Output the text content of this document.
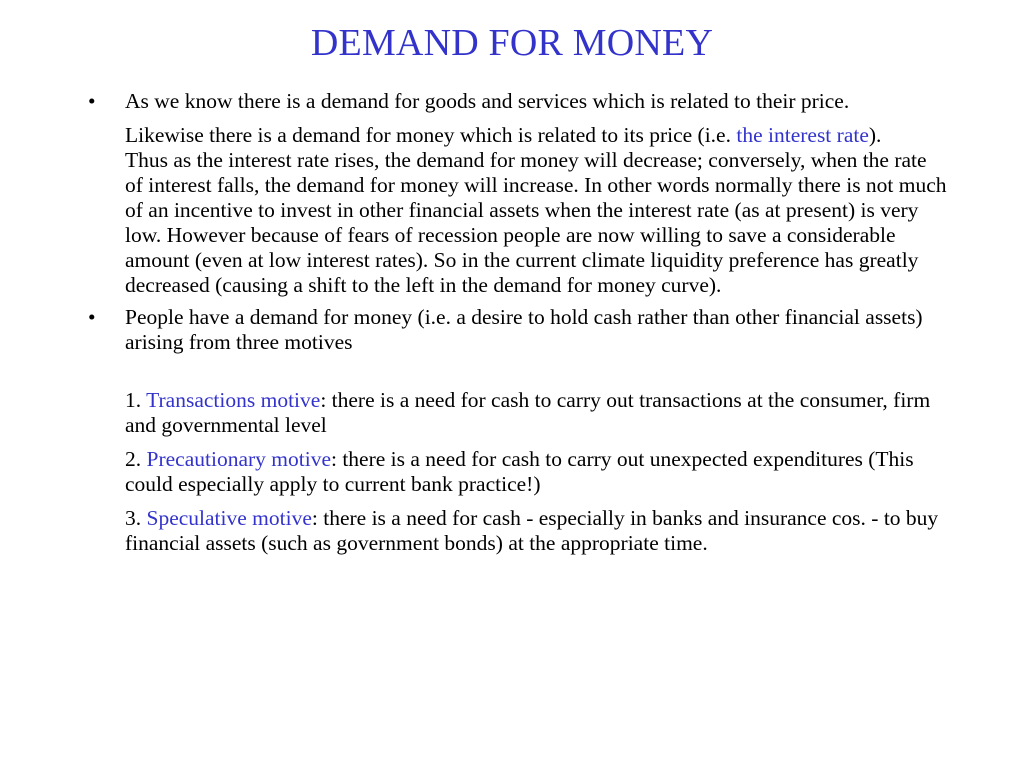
DEMAND FOR MONEY
• As we know there is a demand for goods and services which is related to their price.

Likewise there is a demand for money which is related to its price (i.e. the interest rate).

Thus as the interest rate rises, the demand for money will decrease; conversely, when the rate of interest falls, the demand for money will increase. In other words normally there is not much of an incentive to invest in other financial assets when the interest rate (as at present) is very low. However because of fears of recession people are now willing to save a considerable amount (even at low interest rates). So in the current climate liquidity preference has greatly decreased (causing a shift to the left in the demand for money curve).

• People have a demand for money (i.e. a desire to hold cash rather than other financial assets) arising from three motives

1. Transactions motive: there is a need for cash to carry out transactions at the consumer, firm and governmental level

2. Precautionary motive: there is a need for cash to carry out unexpected expenditures (This could especially apply to current bank practice!)

3. Speculative motive: there is a need for cash - especially in banks and insurance cos. - to buy financial assets (such as government bonds) at the appropriate time.
